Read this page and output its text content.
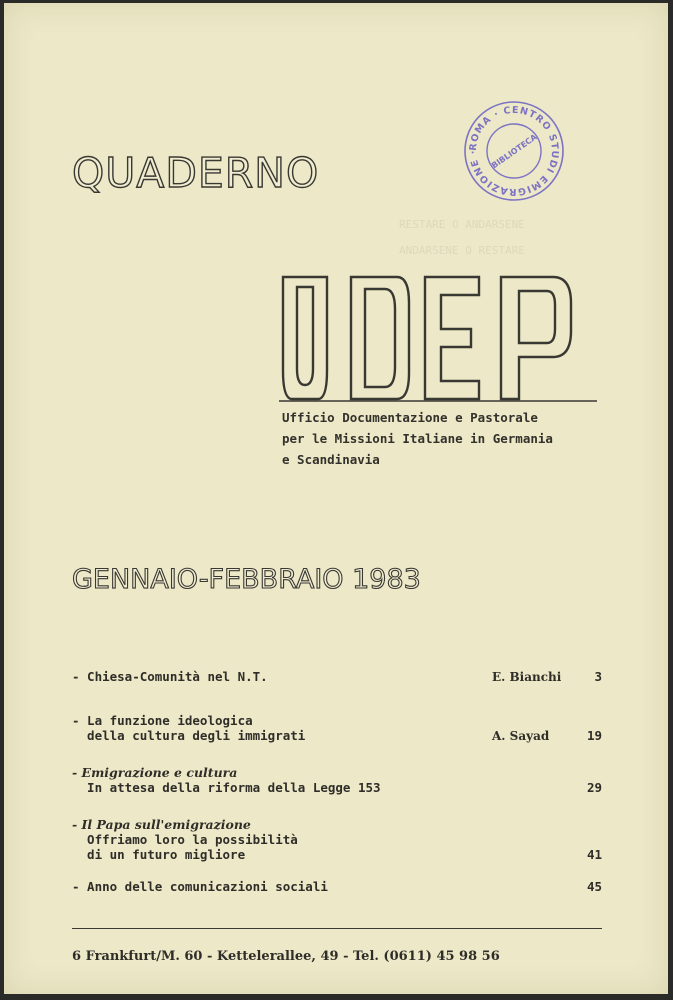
RESTARE O ANDARSENE

ANDARSENE O RESTARE
QUADERNO
ROMA · CENTRO STUDI EMIGRAZIONE ·	BIBLIOTECA
Ufficio Documentazione e Pastorale
per le Missioni Italiane in Germania
e Scandinavia
GENNAIO-FEBBRAIO 1983
- Chiesa-Comunità nel N.T.	E. Bianchi	3
- La funzione ideologica
della cultura degli immigrati	A. Sayad	19
- Emigrazione e cultura
In attesa della riforma della Legge 153	29
- Il Papa sull'emigrazione
Offriamo loro la possibilità
di un futuro migliore	41
- Anno delle comunicazioni sociali	45
6 Frankfurt/M. 60 - Kettelerallee, 49 - Tel. (0611) 45 98 56
